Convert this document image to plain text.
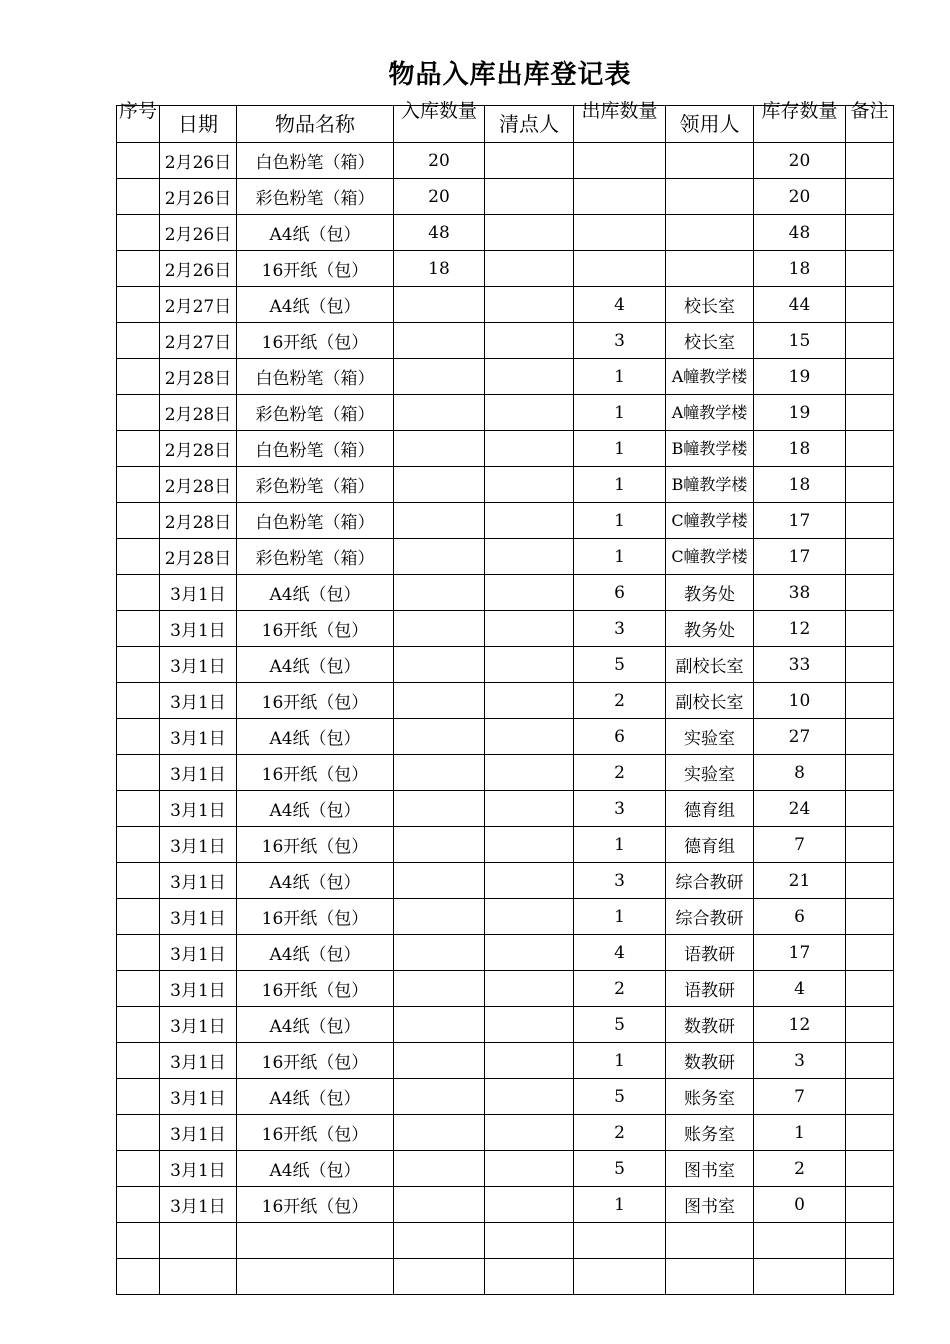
物品入库出库登记表
序号	日期	物品名称	入库数量	清点人	出库数量	领用人	库存数量	备注
	2月26日	白色粉笔（箱）	20				20	
	2月26日	彩色粉笔（箱）	20				20	
	2月26日	A4纸（包）	48				48	
	2月26日	16开纸（包）	18				18	
	2月27日	A4纸（包）			4	校长室	44	
	2月27日	16开纸（包）			3	校长室	15	
	2月28日	白色粉笔（箱）			1	A幢教学楼	19	
	2月28日	彩色粉笔（箱）			1	A幢教学楼	19	
	2月28日	白色粉笔（箱）			1	B幢教学楼	18	
	2月28日	彩色粉笔（箱）			1	B幢教学楼	18	
	2月28日	白色粉笔（箱）			1	C幢教学楼	17	
	2月28日	彩色粉笔（箱）			1	C幢教学楼	17	
	3月1日	A4纸（包）			6	教务处	38	
	3月1日	16开纸（包）			3	教务处	12	
	3月1日	A4纸（包）			5	副校长室	33	
	3月1日	16开纸（包）			2	副校长室	10	
	3月1日	A4纸（包）			6	实验室	27	
	3月1日	16开纸（包）			2	实验室	8	
	3月1日	A4纸（包）			3	德育组	24	
	3月1日	16开纸（包）			1	德育组	7	
	3月1日	A4纸（包）			3	综合教研	21	
	3月1日	16开纸（包）			1	综合教研	6	
	3月1日	A4纸（包）			4	语教研	17	
	3月1日	16开纸（包）			2	语教研	4	
	3月1日	A4纸（包）			5	数教研	12	
	3月1日	16开纸（包）			1	数教研	3	
	3月1日	A4纸（包）			5	账务室	7	
	3月1日	16开纸（包）			2	账务室	1	
	3月1日	A4纸（包）			5	图书室	2	
	3月1日	16开纸（包）			1	图书室	0	
